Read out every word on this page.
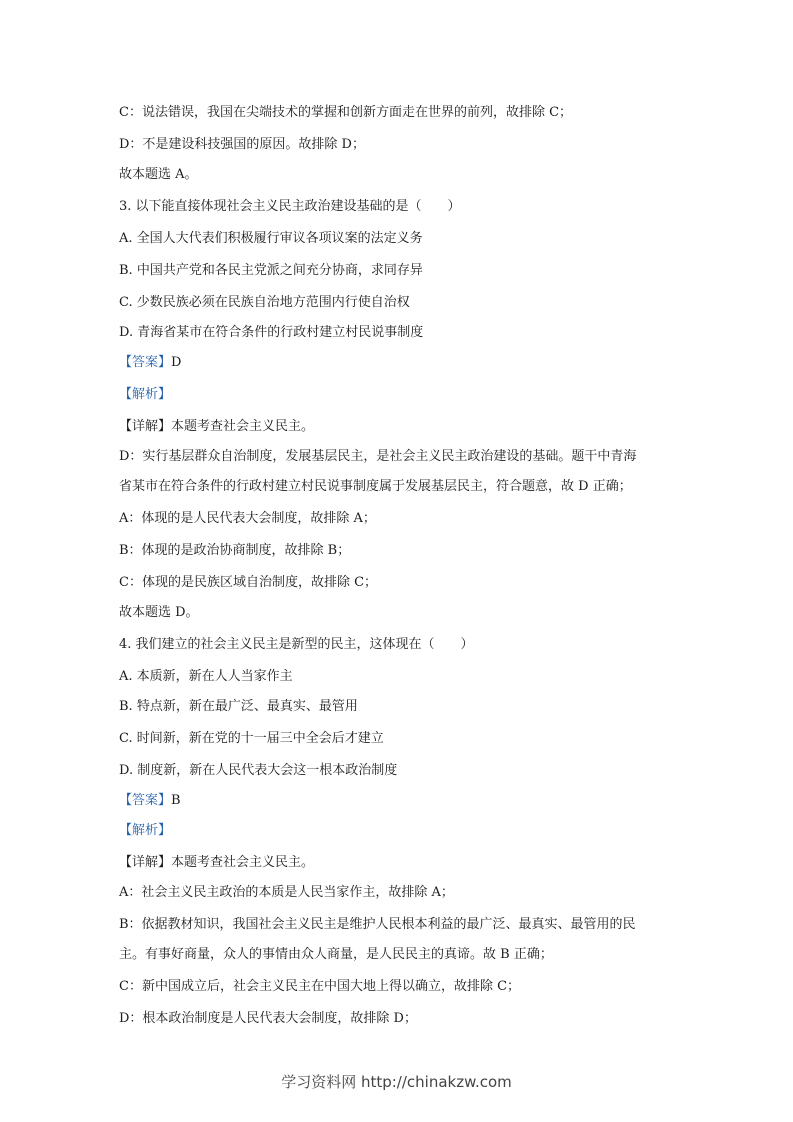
C：说法错误，我国在尖端技术的掌握和创新方面走在世界的前列，故排除 C；
D：不是建设科技强国的原因。故排除 D；
故本题选 A。
3. 以下能直接体现社会主义民主政治建设基础的是（　　）
A. 全国人大代表们积极履行审议各项议案的法定义务
B. 中国共产党和各民主党派之间充分协商，求同存异
C. 少数民族必须在民族自治地方范围内行使自治权
D. 青海省某市在符合条件的行政村建立村民说事制度
【答案】D
【解析】
【详解】本题考查社会主义民主。
D：实行基层群众自治制度，发展基层民主，是社会主义民主政治建设的基础。题干中青海
省某市在符合条件的行政村建立村民说事制度属于发展基层民主，符合题意，故 D 正确；
A：体现的是人民代表大会制度，故排除 A；
B：体现的是政治协商制度，故排除 B；
C：体现的是民族区域自治制度，故排除 C；
故本题选 D。
4. 我们建立的社会主义民主是新型的民主，这体现在（　　）
A. 本质新，新在人人当家作主
B. 特点新，新在最广泛、最真实、最管用
C. 时间新，新在党的十一届三中全会后才建立
D. 制度新，新在人民代表大会这一根本政治制度
【答案】B
【解析】
【详解】本题考查社会主义民主。
A：社会主义民主政治的本质是人民当家作主，故排除 A；
B：依据教材知识，我国社会主义民主是维护人民根本利益的最广泛、最真实、最管用的民
主。有事好商量，众人的事情由众人商量，是人民民主的真谛。故 B 正确；
C：新中国成立后，社会主义民主在中国大地上得以确立，故排除 C；
D：根本政治制度是人民代表大会制度，故排除 D；
学习资料网 http://chinakzw.com
